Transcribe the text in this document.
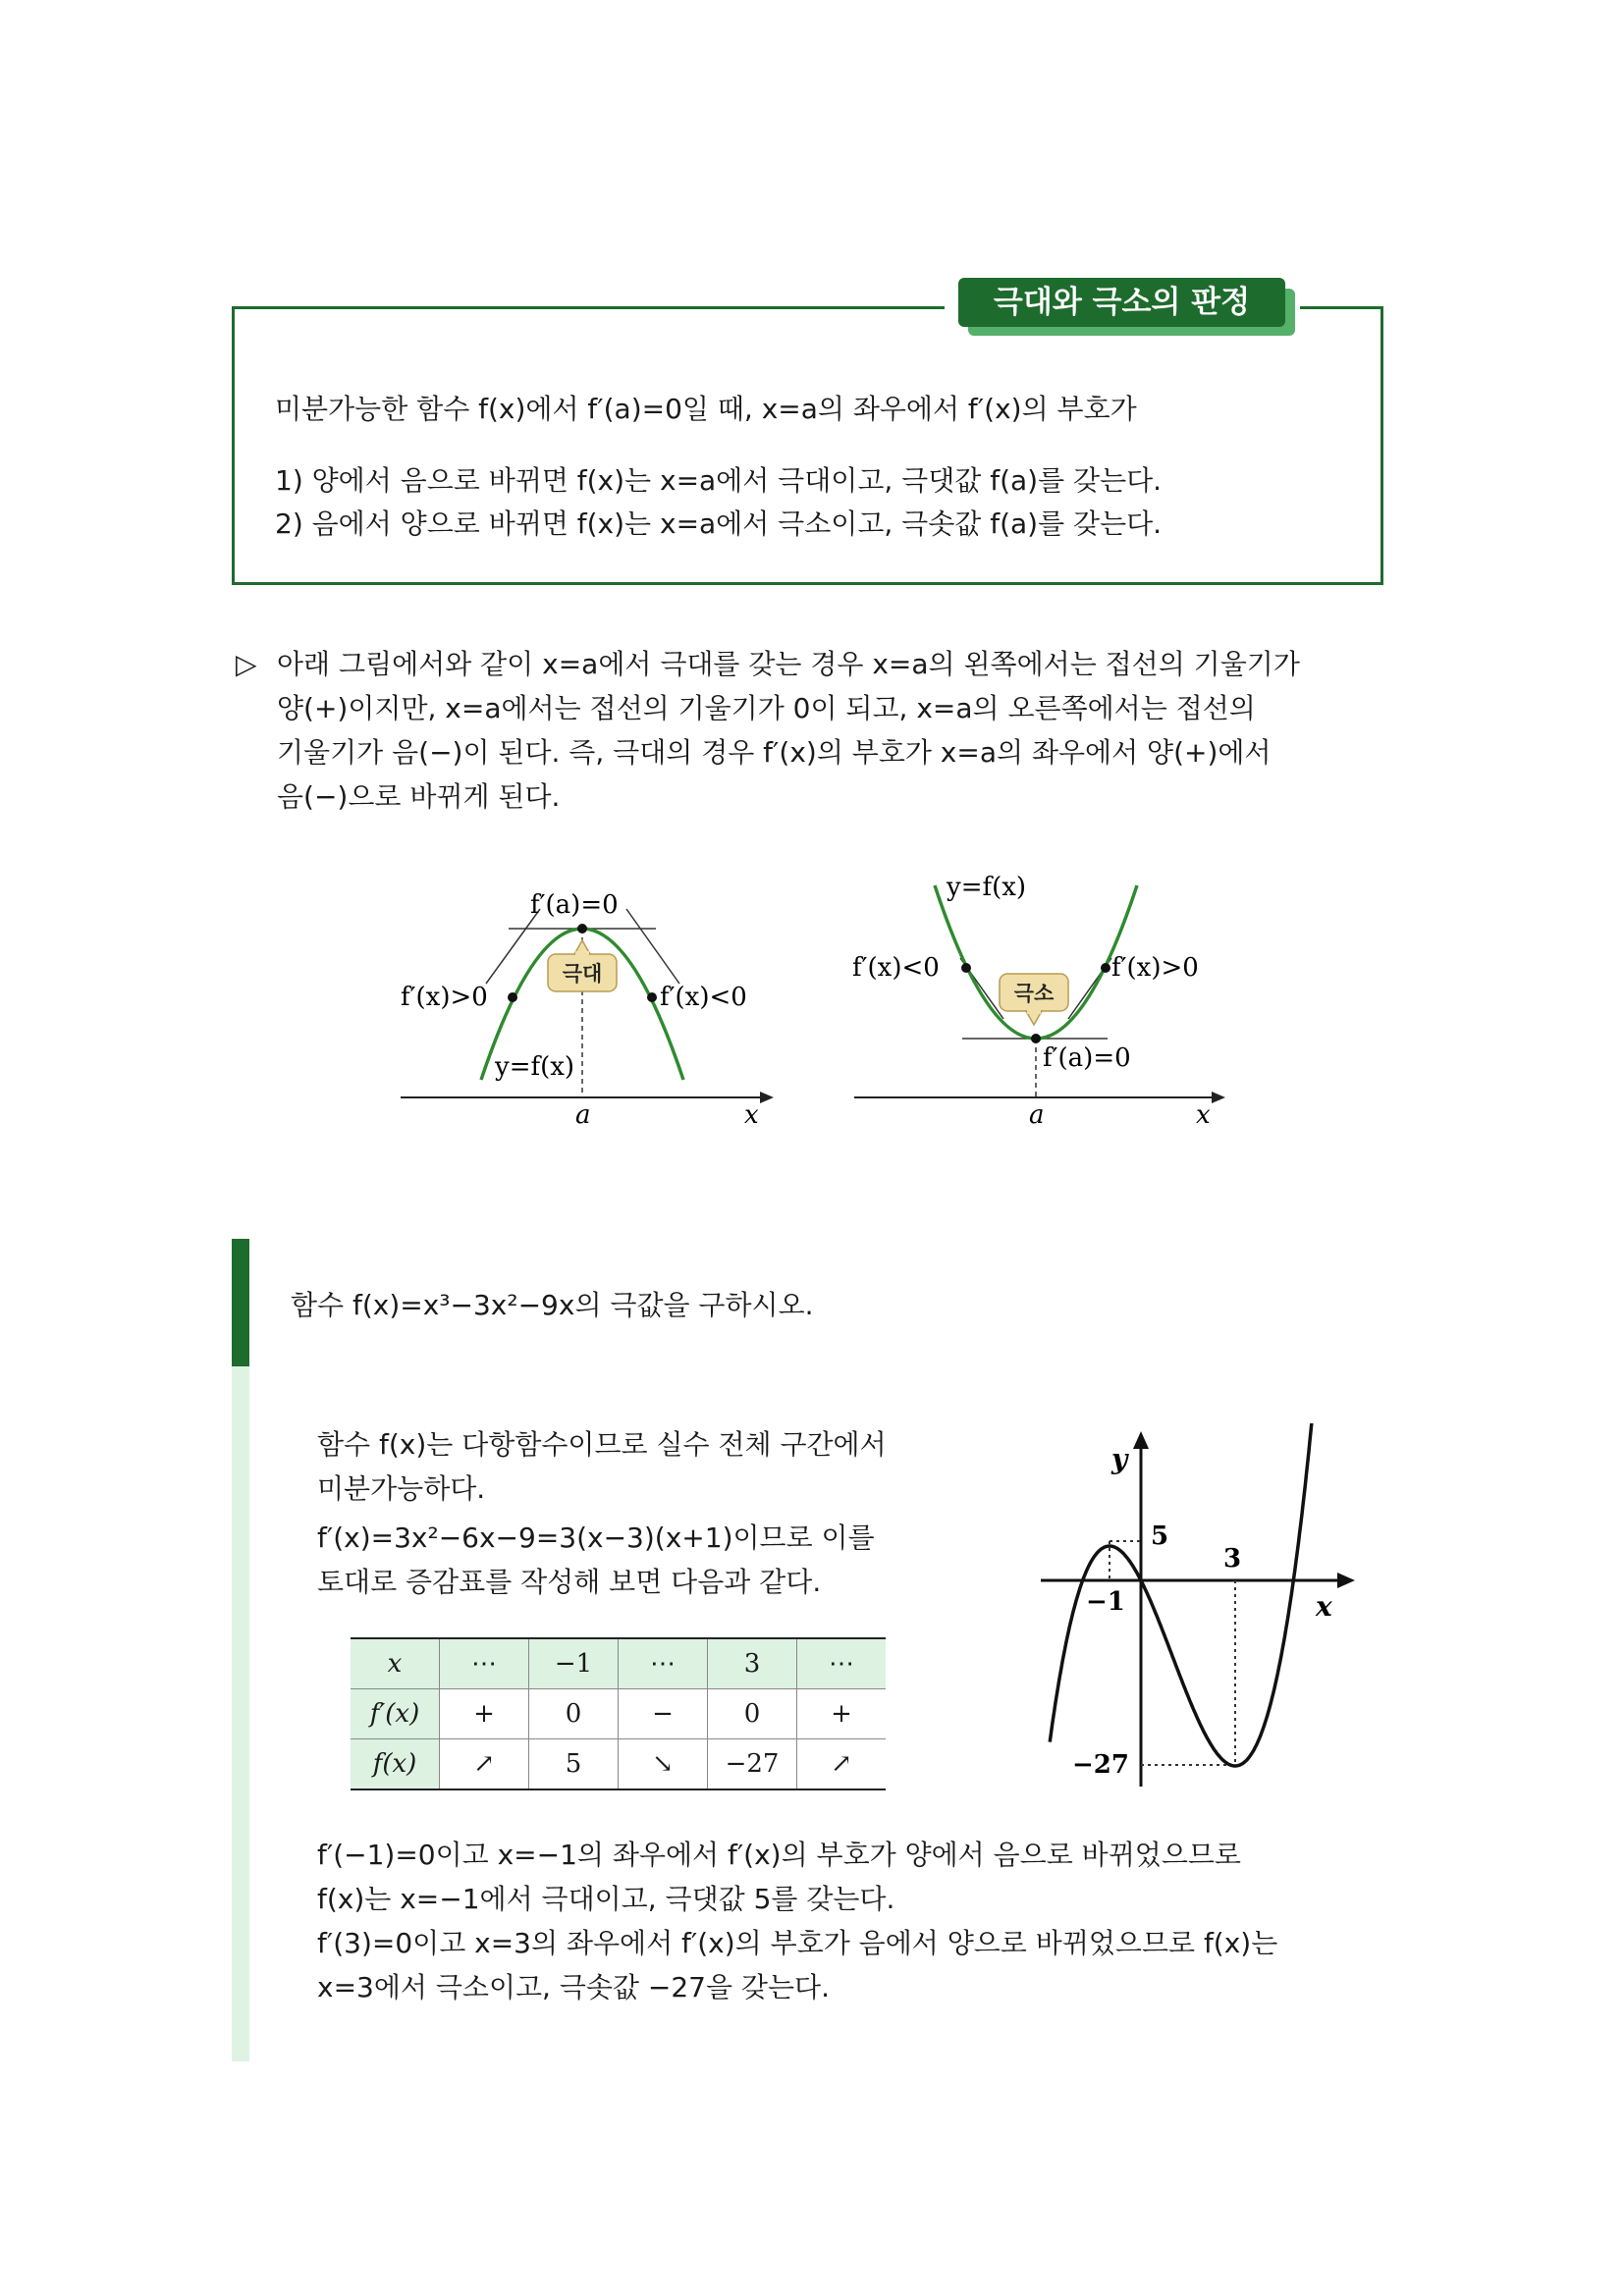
극대와 극소의 판정
미분가능한 함수 f(x)에서 f′(a)=0일 때, x=a의 좌우에서 f′(x)의 부호가
1) 양에서 음으로 바뀌면 f(x)는 x=a에서 극대이고, 극댓값 f(a)를 갖는다.
2) 음에서 양으로 바뀌면 f(x)는 x=a에서 극소이고, 극솟값 f(a)를 갖는다.
▷ 아래 그림에서와 같이 x=a에서 극대를 갖는 경우 x=a의 왼쪽에서는 접선의 기울기가
양(+)이지만, x=a에서는 접선의 기울기가 0이 되고, x=a의 오른쪽에서는 접선의
기울기가 음(−)이 된다. 즉, 극대의 경우 f′(x)의 부호가 x=a의 좌우에서 양(+)에서
음(−)으로 바뀌게 된다.
극대
f′(a)=0
f′(x)>0	f′(x)<0
y=f(x)
a	x
극소
y=f(x)
f′(x)<0	f′(x)>0
f′(a)=0
a	x
함수 f(x)=x³−3x²−9x의 극값을 구하시오.
함수 f(x)는 다항함수이므로 실수 전체 구간에서
미분가능하다.
f′(x)=3x²−6x−9=3(x−3)(x+1)이므로 이를
토대로 증감표를 작성해 보면 다음과 같다.
x	⋯	−1	⋯	3	⋯
f′(x)	+	0	−	0	+
f(x)	↗	5	↘	−27	↗
y
x
5
3
−1
−27
f′(−1)=0이고 x=−1의 좌우에서 f′(x)의 부호가 양에서 음으로 바뀌었으므로
f(x)는 x=−1에서 극대이고, 극댓값 5를 갖는다.
f′(3)=0이고 x=3의 좌우에서 f′(x)의 부호가 음에서 양으로 바뀌었으므로 f(x)는
x=3에서 극소이고, 극솟값 −27을 갖는다.
